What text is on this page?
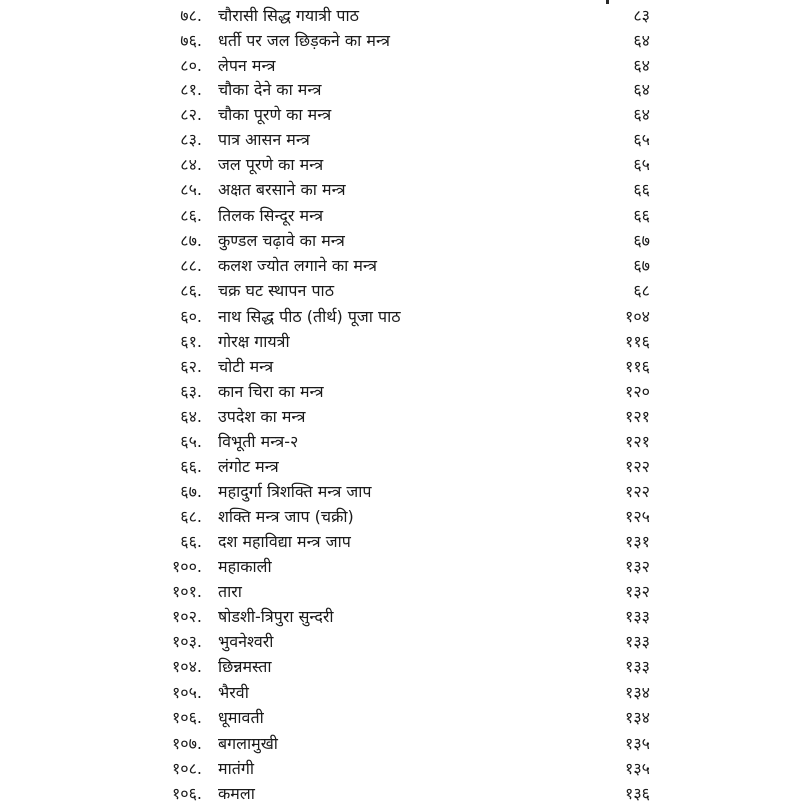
७८. चौरासी सिद्ध गयात्री पाठ	८३
७६. धर्ती पर जल छिड़कने का मन्त्र	६४
८०. लेपन मन्त्र	६४
८१. चौका देने का मन्त्र	६४
८२. चौका पूरणे का मन्त्र	६४
८३. पात्र आसन मन्त्र	६५
८४. जल पूरणे का मन्त्र	६५
८५. अक्षत बरसाने का मन्त्र	६६
८६. तिलक सिन्दूर मन्त्र	६६
८७. कुण्डल चढ़ावे का मन्त्र	६७
८८. कलश ज्योत लगाने का मन्त्र	६७
८६. चक्र घट स्थापन पाठ	६८
६०. नाथ सिद्ध पीठ (तीर्थ) पूजा पाठ	१०४
६१. गोरक्ष गायत्री	११६
६२. चोटी मन्त्र	११६
६३. कान चिरा का मन्त्र	१२०
६४. उपदेश का मन्त्र	१२१
६५. विभूती मन्त्र-२	१२१
६६. लंगोट मन्त्र	१२२
६७. महादुर्गा त्रिशक्ति मन्त्र जाप	१२२
६८. शक्ति मन्त्र जाप (चक्री)	१२५
६६. दश महाविद्या मन्त्र जाप	१३१
१००. महाकाली	१३२
१०१. तारा	१३२
१०२. षोडशी-त्रिपुरा सुन्दरी	१३३
१०३. भुवनेश्वरी	१३३
१०४. छिन्नमस्ता	१३३
१०५. भैरवी	१३४
१०६. धूमावती	१३४
१०७. बगलामुखी	१३५
१०८. मातंगी	१३५
१०६. कमला	१३६
